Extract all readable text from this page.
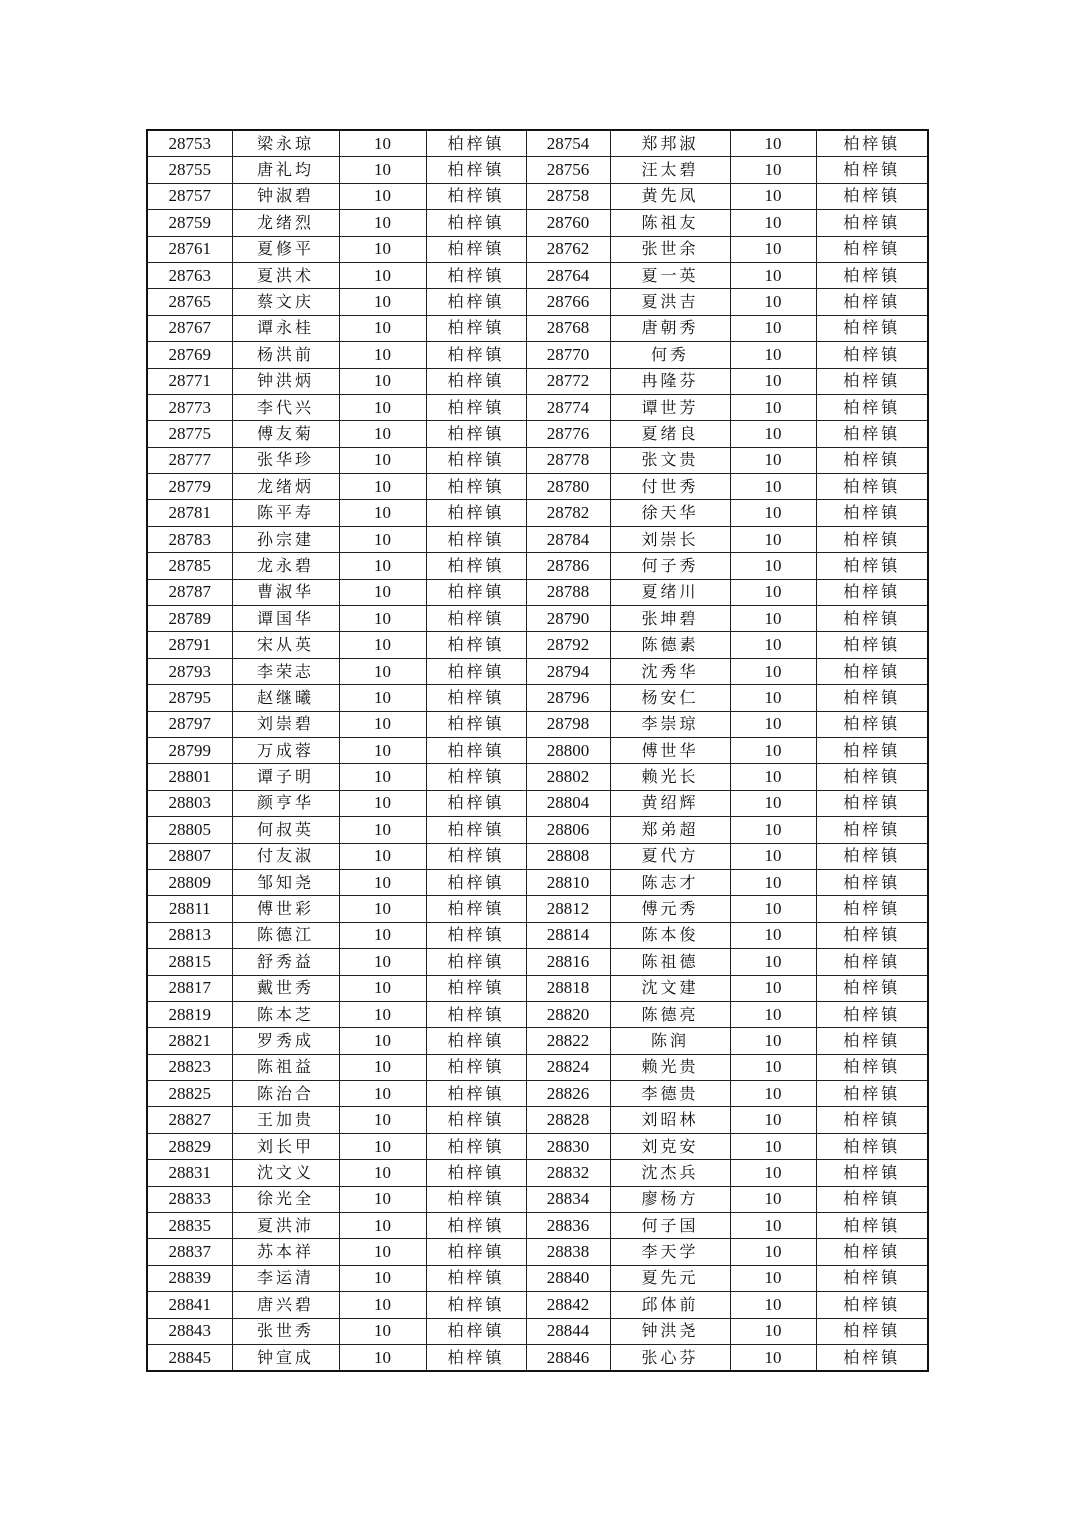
28753	梁永琼	10	柏梓镇	28754	郑邦淑	10	柏梓镇
28755	唐礼均	10	柏梓镇	28756	汪太碧	10	柏梓镇
28757	钟淑碧	10	柏梓镇	28758	黄先凤	10	柏梓镇
28759	龙绪烈	10	柏梓镇	28760	陈祖友	10	柏梓镇
28761	夏修平	10	柏梓镇	28762	张世余	10	柏梓镇
28763	夏洪术	10	柏梓镇	28764	夏一英	10	柏梓镇
28765	蔡文庆	10	柏梓镇	28766	夏洪吉	10	柏梓镇
28767	谭永桂	10	柏梓镇	28768	唐朝秀	10	柏梓镇
28769	杨洪前	10	柏梓镇	28770	何秀	10	柏梓镇
28771	钟洪炳	10	柏梓镇	28772	冉隆芬	10	柏梓镇
28773	李代兴	10	柏梓镇	28774	谭世芳	10	柏梓镇
28775	傅友菊	10	柏梓镇	28776	夏绪良	10	柏梓镇
28777	张华珍	10	柏梓镇	28778	张文贵	10	柏梓镇
28779	龙绪炳	10	柏梓镇	28780	付世秀	10	柏梓镇
28781	陈平寿	10	柏梓镇	28782	徐天华	10	柏梓镇
28783	孙宗建	10	柏梓镇	28784	刘崇长	10	柏梓镇
28785	龙永碧	10	柏梓镇	28786	何子秀	10	柏梓镇
28787	曹淑华	10	柏梓镇	28788	夏绪川	10	柏梓镇
28789	谭国华	10	柏梓镇	28790	张坤碧	10	柏梓镇
28791	宋从英	10	柏梓镇	28792	陈德素	10	柏梓镇
28793	李荣志	10	柏梓镇	28794	沈秀华	10	柏梓镇
28795	赵继曦	10	柏梓镇	28796	杨安仁	10	柏梓镇
28797	刘崇碧	10	柏梓镇	28798	李崇琼	10	柏梓镇
28799	万成蓉	10	柏梓镇	28800	傅世华	10	柏梓镇
28801	谭子明	10	柏梓镇	28802	赖光长	10	柏梓镇
28803	颜亨华	10	柏梓镇	28804	黄绍辉	10	柏梓镇
28805	何叔英	10	柏梓镇	28806	郑弟超	10	柏梓镇
28807	付友淑	10	柏梓镇	28808	夏代方	10	柏梓镇
28809	邹知尧	10	柏梓镇	28810	陈志才	10	柏梓镇
28811	傅世彩	10	柏梓镇	28812	傅元秀	10	柏梓镇
28813	陈德江	10	柏梓镇	28814	陈本俊	10	柏梓镇
28815	舒秀益	10	柏梓镇	28816	陈祖德	10	柏梓镇
28817	戴世秀	10	柏梓镇	28818	沈文建	10	柏梓镇
28819	陈本芝	10	柏梓镇	28820	陈德亮	10	柏梓镇
28821	罗秀成	10	柏梓镇	28822	陈润	10	柏梓镇
28823	陈祖益	10	柏梓镇	28824	赖光贵	10	柏梓镇
28825	陈治合	10	柏梓镇	28826	李德贵	10	柏梓镇
28827	王加贵	10	柏梓镇	28828	刘昭林	10	柏梓镇
28829	刘长甲	10	柏梓镇	28830	刘克安	10	柏梓镇
28831	沈文义	10	柏梓镇	28832	沈杰兵	10	柏梓镇
28833	徐光全	10	柏梓镇	28834	廖杨方	10	柏梓镇
28835	夏洪沛	10	柏梓镇	28836	何子国	10	柏梓镇
28837	苏本祥	10	柏梓镇	28838	李天学	10	柏梓镇
28839	李运清	10	柏梓镇	28840	夏先元	10	柏梓镇
28841	唐兴碧	10	柏梓镇	28842	邱体前	10	柏梓镇
28843	张世秀	10	柏梓镇	28844	钟洪尧	10	柏梓镇
28845	钟宣成	10	柏梓镇	28846	张心芬	10	柏梓镇
